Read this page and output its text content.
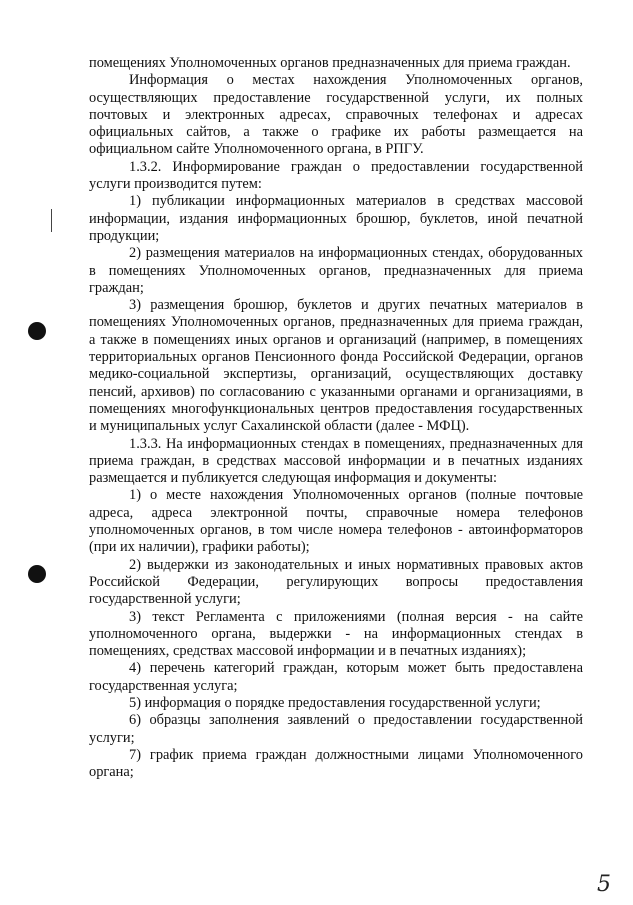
помещениях Уполномоченных органов предназначенных для приема граждан.

Информация о местах нахождения Уполномоченных органов, осуществляющих предоставление государственной услуги, их полных почтовых и электронных адресах, справочных телефонах и адресах официальных сайтов, а также о графике их работы размещается на официальном сайте Уполномоченного органа, в РПГУ.

1.3.2. Информирование граждан о предоставлении государственной услуги производится путем:

1) публикации информационных материалов в средствах массовой информации, издания информационных брошюр, буклетов, иной печатной продукции;

2) размещения материалов на информационных стендах, оборудованных в помещениях Уполномоченных органов, предназначенных для приема граждан;

3) размещения брошюр, буклетов и других печатных материалов в помещениях Уполномоченных органов, предназначенных для приема граждан, а также в помещениях иных органов и организаций (например, в помещениях территориальных органов Пенсионного фонда Российской Федерации, органов медико-социальной экспертизы, организаций, осуществляющих доставку пенсий, архивов) по согласованию с указанными органами и организациями, в помещениях многофункциональных центров предоставления государственных и муниципальных услуг Сахалинской области (далее - МФЦ).

1.3.3. На информационных стендах в помещениях, предназначенных для приема граждан, в средствах массовой информации и в печатных изданиях размещается и публикуется следующая информация и документы:

1) о месте нахождения Уполномоченных органов (полные почтовые адреса, адреса электронной почты, справочные номера телефонов уполномоченных органов, в том числе номера телефонов - автоинформаторов (при их наличии), графики работы);

2) выдержки из законодательных и иных нормативных правовых актов Российской Федерации, регулирующих вопросы предоставления государственной услуги;

3) текст Регламента с приложениями (полная версия - на сайте уполномоченного органа, выдержки - на информационных стендах в помещениях, средствах массовой информации и в печатных изданиях);

4) перечень категорий граждан, которым может быть предоставлена государственная услуга;

5) информация о порядке предоставления государственной услуги;

6) образцы заполнения заявлений о предоставлении государственной услуги;

7) график приема граждан должностными лицами Уполномоченного органа;

5
